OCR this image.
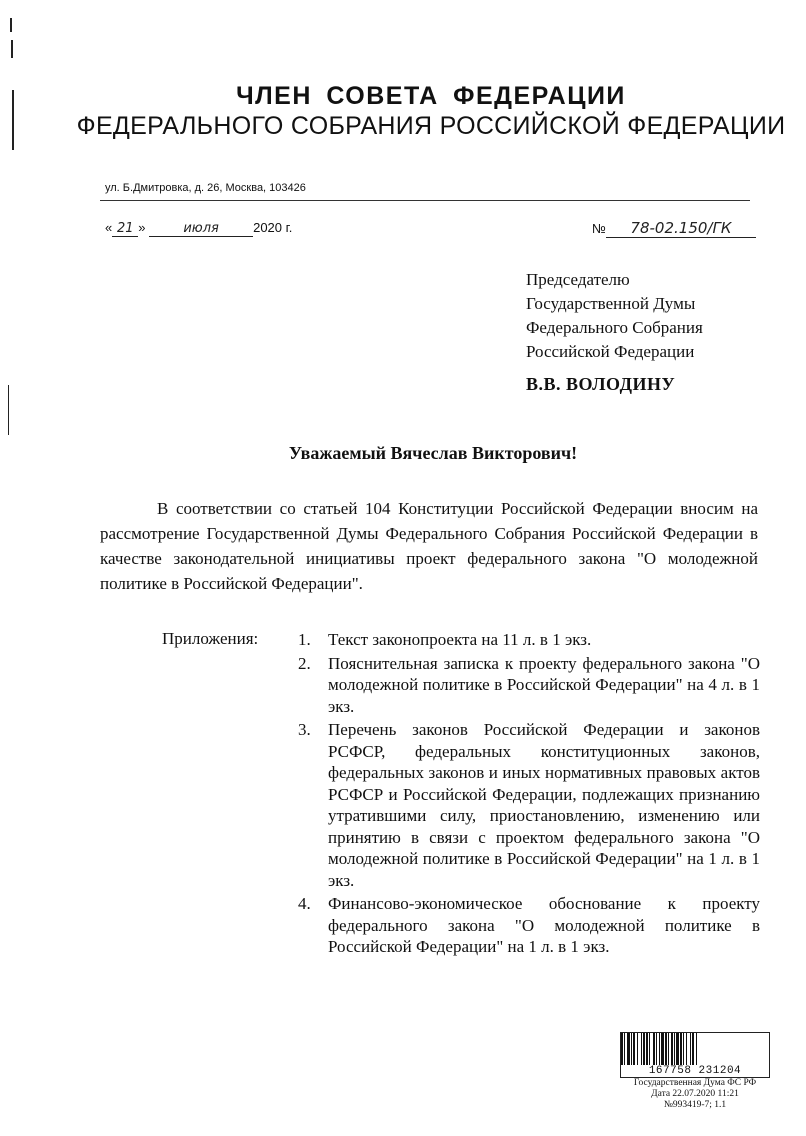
ЧЛЕН СОВЕТА ФЕДЕРАЦИИ
ФЕДЕРАЛЬНОГО СОБРАНИЯ РОССИЙСКОЙ ФЕДЕРАЦИИ
ул. Б.Дмитровка, д. 26, Москва, 103426
« 21 »	июля	2020 г.	№ 78-02.150/ГК
Председателю
Государственной Думы
Федерального Собрания
Российской Федерации
В.В. ВОЛОДИНУ
Уважаемый Вячеслав Викторович!
В соответствии со статьей 104 Конституции Российской Федерации вносим на рассмотрение Государственной Думы Федерального Собрания Российской Федерации в качестве законодательной инициативы проект федерального закона "О молодежной политике в Российской Федерации".
Приложения: 1.	Текст законопроекта на 11 л. в 1 экз.
2.	Пояснительная записка к проекту федерального закона "О молодежной политике в Российской Федерации" на 4 л. в 1 экз.
3.	Перечень законов Российской Федерации и законов РСФСР, федеральных конституционных законов, федеральных законов и иных нормативных правовых актов РСФСР и Российской Федерации, подлежащих признанию утратившими силу, приостановлению, изменению или принятию в связи с проектом федерального закона "О молодежной политике в Российской Федерации" на 1 л. в 1 экз.
4.	Финансово-экономическое обоснование к проекту федерального закона "О молодежной политике в Российской Федерации" на 1 л. в 1 экз.
167758 231204
Государственная Дума ФС РФ
Дата 22.07.2020 11:21
№993419-7; 1.1
